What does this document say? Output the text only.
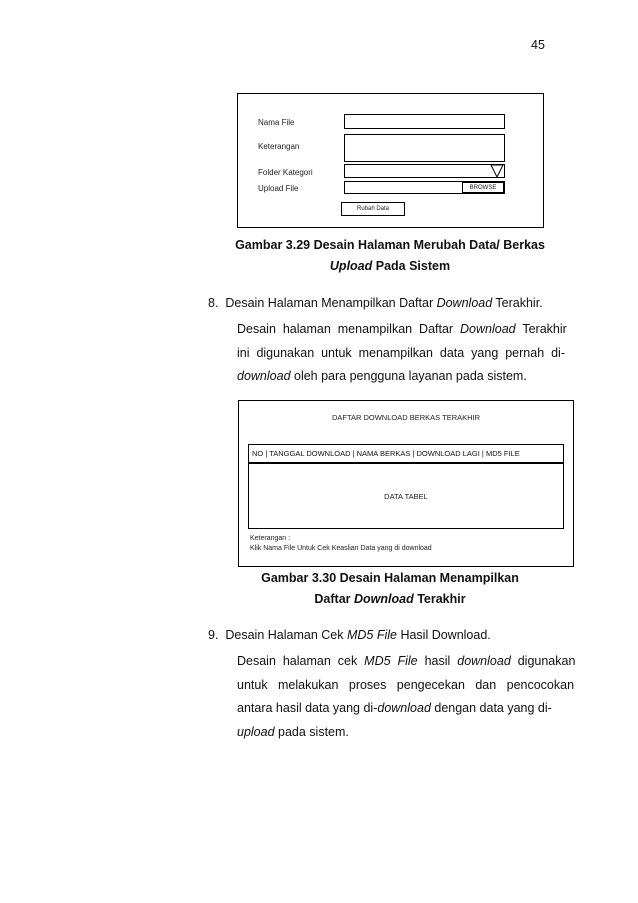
45
Nama File
Keterangan
Folder Kategori
Upload File	BROWSE
Rubah Data
Gambar 3.29 Desain Halaman Merubah Data/ Berkas
Upload Pada Sistem
8.  Desain Halaman Menampilkan Daftar Download Terakhir.
Desain  halaman  menampilkan  Daftar  Download  Terakhir
ini  digunakan  untuk  menampilkan  data  yang  pernah  di-
download oleh para pengguna layanan pada sistem.
DAFTAR DOWNLOAD BERKAS TERAKHIR
NO | TANGGAL DOWNLOAD | NAMA BERKAS | DOWNLOAD LAGI | MD5 FILE
DATA TABEL
Keterangan :
Klik Nama File Untuk Cek Keaslian Data yang di download
Gambar 3.30 Desain Halaman Menampilkan
Daftar Download Terakhir
9.  Desain Halaman Cek MD5 File Hasil Download.
Desain  halaman  cek  MD5  File  hasil  download  digunakan
untuk   melakukan   proses   pengecekan   dan   pencocokan
antara hasil data yang di-download dengan data yang di-
upload pada sistem.
